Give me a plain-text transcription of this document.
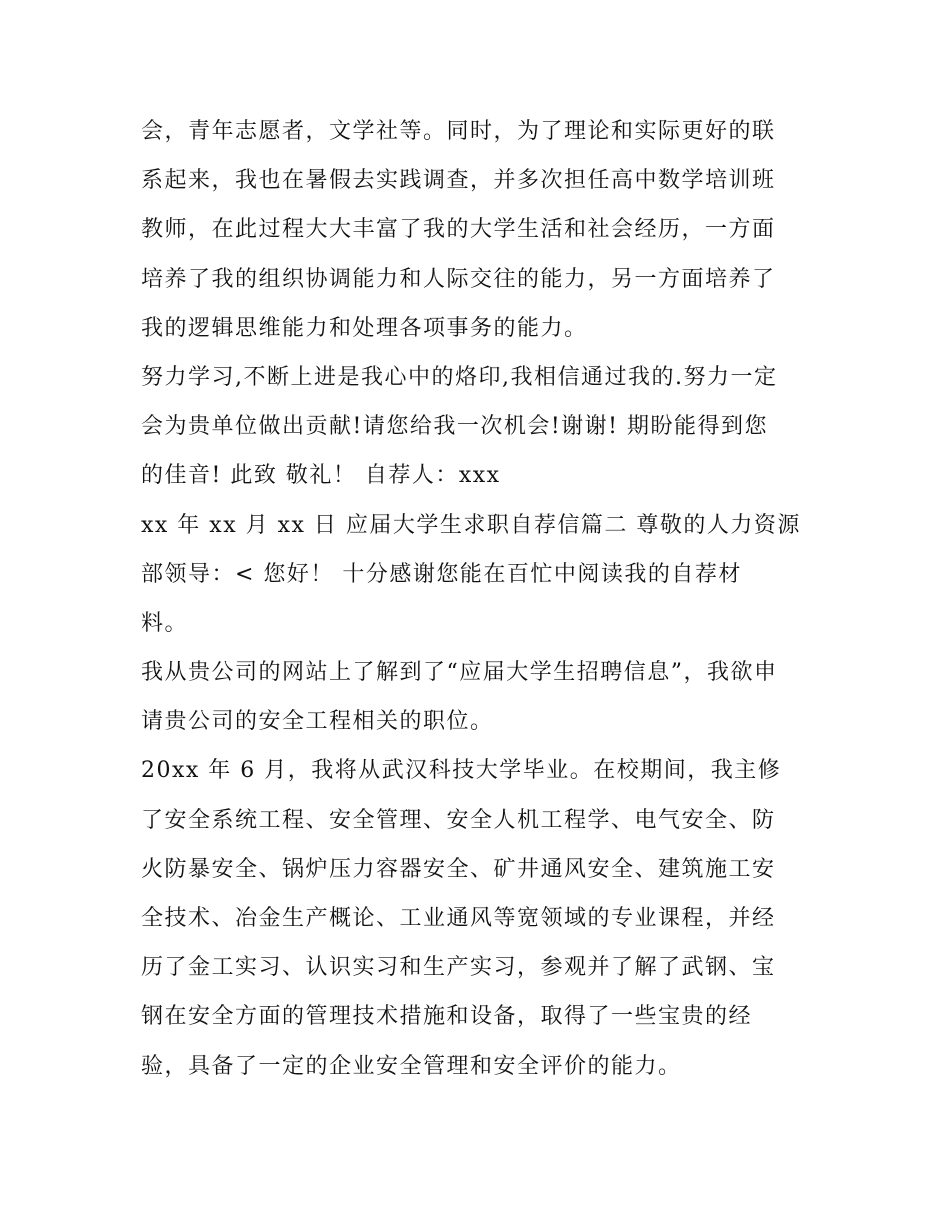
会，青年志愿者，文学社等。同时，为了理论和实际更好的联
系起来，我也在暑假去实践调查，并多次担任高中数学培训班
教师，在此过程大大丰富了我的大学生活和社会经历，一方面
培养了我的组织协调能力和人际交往的能力，另一方面培养了
我的逻辑思维能力和处理各项事务的能力。
努力学习,不断上进是我心中的烙印,我相信通过我的.努力一定
会为贵单位做出贡献!请您给我一次机会!谢谢! 期盼能得到您
的佳音! 此致 敬礼！ 自荐人：xxx
xx 年 xx 月 xx 日 应届大学生求职自荐信篇二 尊敬的人力资源
部领导：< 您好！ 十分感谢您能在百忙中阅读我的自荐材
料。
我从贵公司的网站上了解到了“应届大学生招聘信息”，我欲申
请贵公司的安全工程相关的职位。
20xx 年 6 月，我将从武汉科技大学毕业。在校期间，我主修
了安全系统工程、安全管理、安全人机工程学、电气安全、防
火防暴安全、锅炉压力容器安全、矿井通风安全、建筑施工安
全技术、冶金生产概论、工业通风等宽领域的专业课程，并经
历了金工实习、认识实习和生产实习，参观并了解了武钢、宝
钢在安全方面的管理技术措施和设备，取得了一些宝贵的经
验，具备了一定的企业安全管理和安全评价的能力。
